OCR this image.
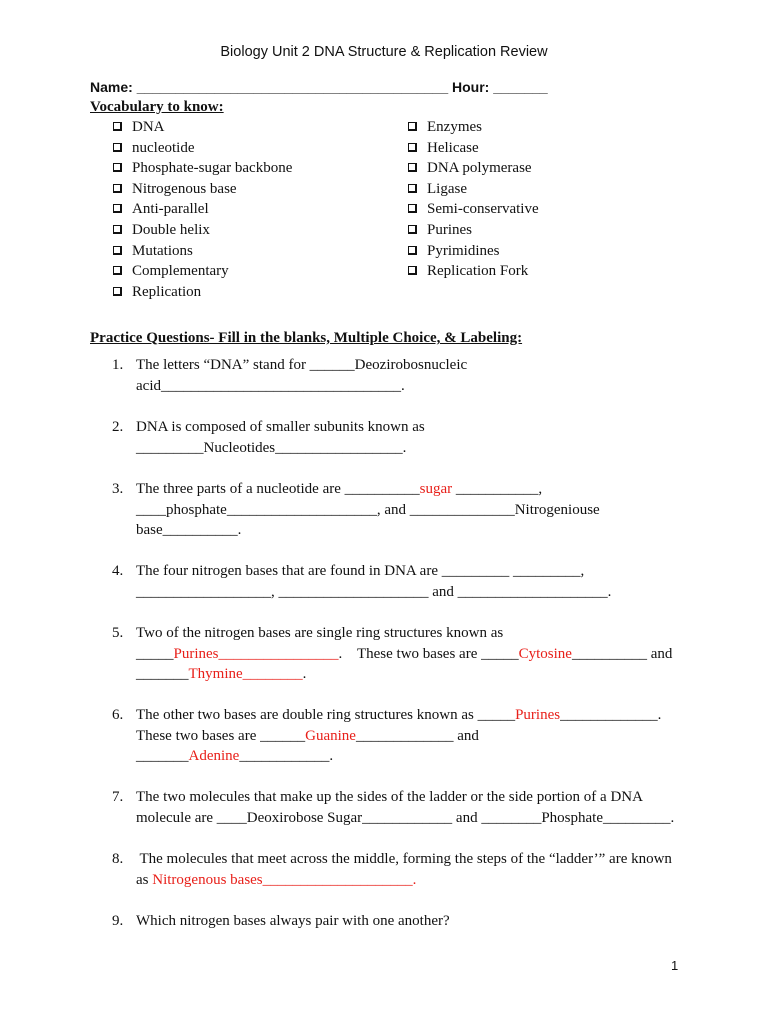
Biology Unit 2 DNA Structure & Replication Review
Name: ________________________________________ Hour: _______
Vocabulary to know:
DNA
nucleotide
Phosphate-sugar backbone
Nitrogenous base
Anti-parallel
Double helix
Mutations
Complementary
Replication
Enzymes
Helicase
DNA polymerase
Ligase
Semi-conservative
Purines
Pyrimidines
Replication Fork
Practice Questions- Fill in the blanks, Multiple Choice, & Labeling:
1. The letters “DNA” stand for ______Deozirobosnucleic
acid________________________________.
2. DNA is composed of smaller subunits known as
_________Nucleotides_________________.
3. The three parts of a nucleotide are __________sugar ___________,
____phosphate____________________, and ______________Nitrogeniouse
base__________.
4. The four nitrogen bases that are found in DNA are _________ _________,
__________________, ____________________ and ____________________.
5. Two of the nitrogen bases are single ring structures known as
_____Purines________________.    These two bases are _____Cytosine__________ and
_______Thymine________.
6. The other two bases are double ring structures known as _____Purines_____________.
These two bases are ______Guanine_____________ and
_______Adenine____________.
7. The two molecules that make up the sides of the ladder or the side portion of a DNA
molecule are ____Deoxirobose Sugar____________ and ________Phosphate_________.
8. The molecules that meet across the middle, forming the steps of the “ladder’” are known
as Nitrogenous bases____________________.
9. Which nitrogen bases always pair with one another?
1
